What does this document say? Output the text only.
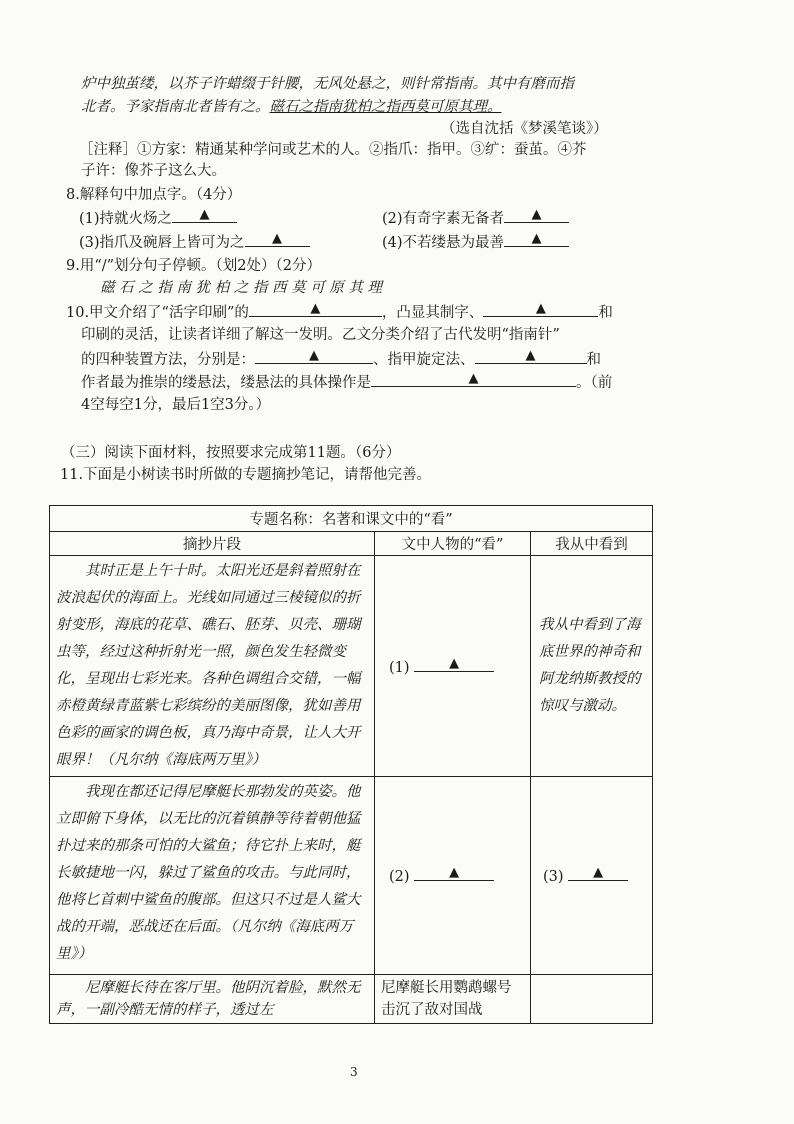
炉中独茧缕，以芥子许蜡缀于针腰，无风处悬之，则针常指南。其中有磨而指
北者。予家指南北者皆有之。磁石之指南犹柏之指西莫可原其理。
（选自沈括《梦溪笔谈》）
［注释］①方家：精通某种学问或艺术的人。②指爪：指甲。③纩：蚕茧。④芥
子许：像芥子这么大。
8.解释句中加点字。（4分）
(1)持就火炀之 ▲	(2)有奇字素无备者 ▲
(3)指爪及碗唇上皆可为之 ▲	(4)不若缕悬为最善 ▲
9.用“/”划分句子停顿。（划2处）（2分）
磁 石 之 指 南 犹 柏 之 指 西 莫 可 原 其 理
10.甲文介绍了“活字印刷”的	▲	，凸显其制字、	▲	和
印刷的灵活，让读者详细了解这一发明。乙文分类介绍了古代发明“指南针”
的四种装置方法，分别是：	▲	、指甲旋定法、	▲	和
作者最为推崇的缕悬法，缕悬法的具体操作是	▲	。（前
4空每空1分，最后1空3分。）
（三）阅读下面材料，按照要求完成第11题。（6分）
11.下面是小树读书时所做的专题摘抄笔记，请帮他完善。
专题名称：名著和课文中的“看”		
摘抄片段	文中人物的“看”	我从中看到

其时正是上午十时。太阳光还是斜着照射在波浪起伏的海面上。光线如同通过三棱镜似的折射变形，海底的花草、礁石、胚芽、贝壳、珊瑚虫等，经过这种折射光一照，颜色发生轻微变化，呈现出七彩光来。各种色调组合交错，一幅赤橙黄绿青蓝紫七彩缤纷的美丽图像，犹如善用色彩的画家的调色板，真乃海中奇景，让人大开眼界！（凡尔纳《海底两万里》）	(1) ▲	我从中看到了海底世界的神奇和阿龙纳斯教授的惊叹与激动。

我现在都还记得尼摩艇长那勃发的英姿。他立即俯下身体，以无比的沉着镇静等待着朝他猛扑过来的那条可怕的大鲨鱼；待它扑上来时，艇长敏捷地一闪，躲过了鲨鱼的攻击。与此同时，他将匕首刺中鲨鱼的腹部。但这只不过是人鲨大战的开端，恶战还在后面。（凡尔纳《海底两万里》）	(2) ▲	(3) ▲

尼摩艇长待在客厅里。他阴沉着脸，默然无声，一副冷酷无情的样子，透过左	尼摩艇长用鹦鹉螺号击沉了敌对国战	

3
